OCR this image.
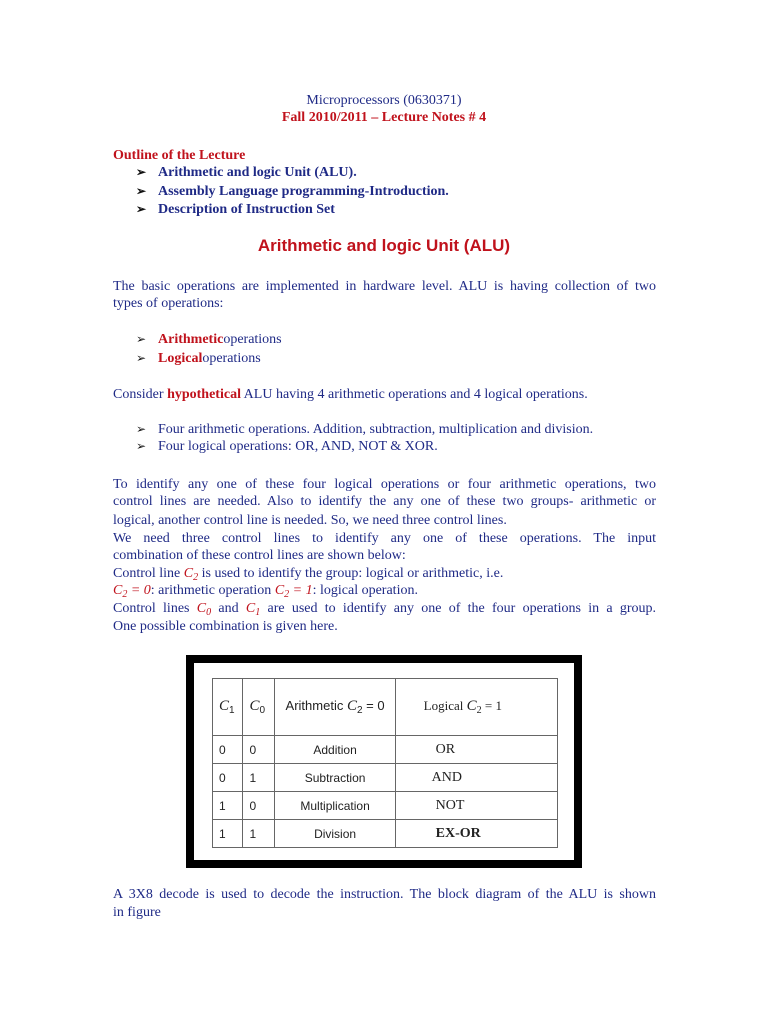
Microprocessors (0630371)

Fall 2010/2011 – Lecture Notes # 4

Outline of the Lecture

➢ Arithmetic and logic Unit (ALU).
➢ Assembly Language programming-Introduction.
➢ Description of Instruction Set

Arithmetic and logic Unit (ALU)

The basic operations are implemented in hardware level. ALU is having collection of two

types of operations:

➢ Arithmetic operations
➢ Logical operations

Consider hypothetical ALU having 4 arithmetic operations and 4 logical operations.

➢ Four arithmetic operations. Addition, subtraction, multiplication and division.
➢ Four logical operations: OR, AND, NOT & XOR.

To identify any one of these four logical operations or four arithmetic operations, two

control lines are needed. Also to identify the any one of these two groups- arithmetic or

logical, another control line is needed. So, we need three control lines.

We need three control lines to identify any one of these operations. The input

combination of these control lines are shown below:

Control line $C_2$ is used to identify the group: logical or arithmetic, i.e.

$C_2 = 0$: arithmetic operation $C_2 = 1$: logical operation.

Control lines $C_0$ and $C_1$ are used to identify any one of the four operations in a group.

One possible combination is given here.

$C_1$	$C_0$	Arithmetic $C_2 = 0$	Logical $C_2 = 1$
0	0	Addition	OR
0	1	Subtraction	AND
1	0	Multiplication	NOT
1	1	Division	EX-OR

A 3X8 decode is used to decode the instruction. The block diagram of the ALU is shown

in figure
